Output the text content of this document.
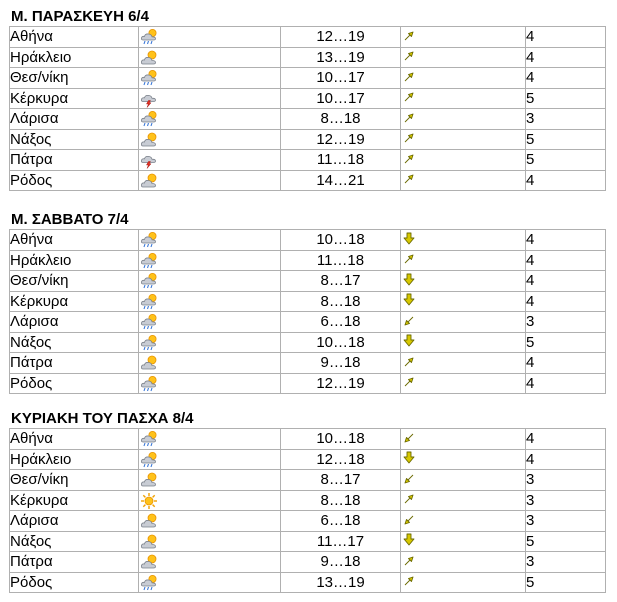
Μ. ΠΑΡΑΣΚΕΥΗ 6/4
Αθήνα		12…19		4
Ηράκλειο		13…19		4
Θεσ/νίκη		10…17		4
Κέρκυρα		10…17		5
Λάρισα		8…18		3
Νάξος		12…19		5
Πάτρα		11…18		5
Ρόδος		14…21		4
Μ. ΣΑΒΒΑΤΟ 7/4
Αθήνα		10…18		4
Ηράκλειο		11…18		4
Θεσ/νίκη		8…17		4
Κέρκυρα		8…18		4
Λάρισα		6…18		3
Νάξος		10…18		5
Πάτρα		9…18		4
Ρόδος		12…19		4
ΚΥΡΙΑΚΗ ΤΟΥ ΠΑΣΧΑ 8/4
Αθήνα		10…18		4
Ηράκλειο		12…18		4
Θεσ/νίκη		8…17		3
Κέρκυρα		8…18		3
Λάρισα		6…18		3
Νάξος		11…17		5
Πάτρα		9…18		3
Ρόδος		13…19		5
